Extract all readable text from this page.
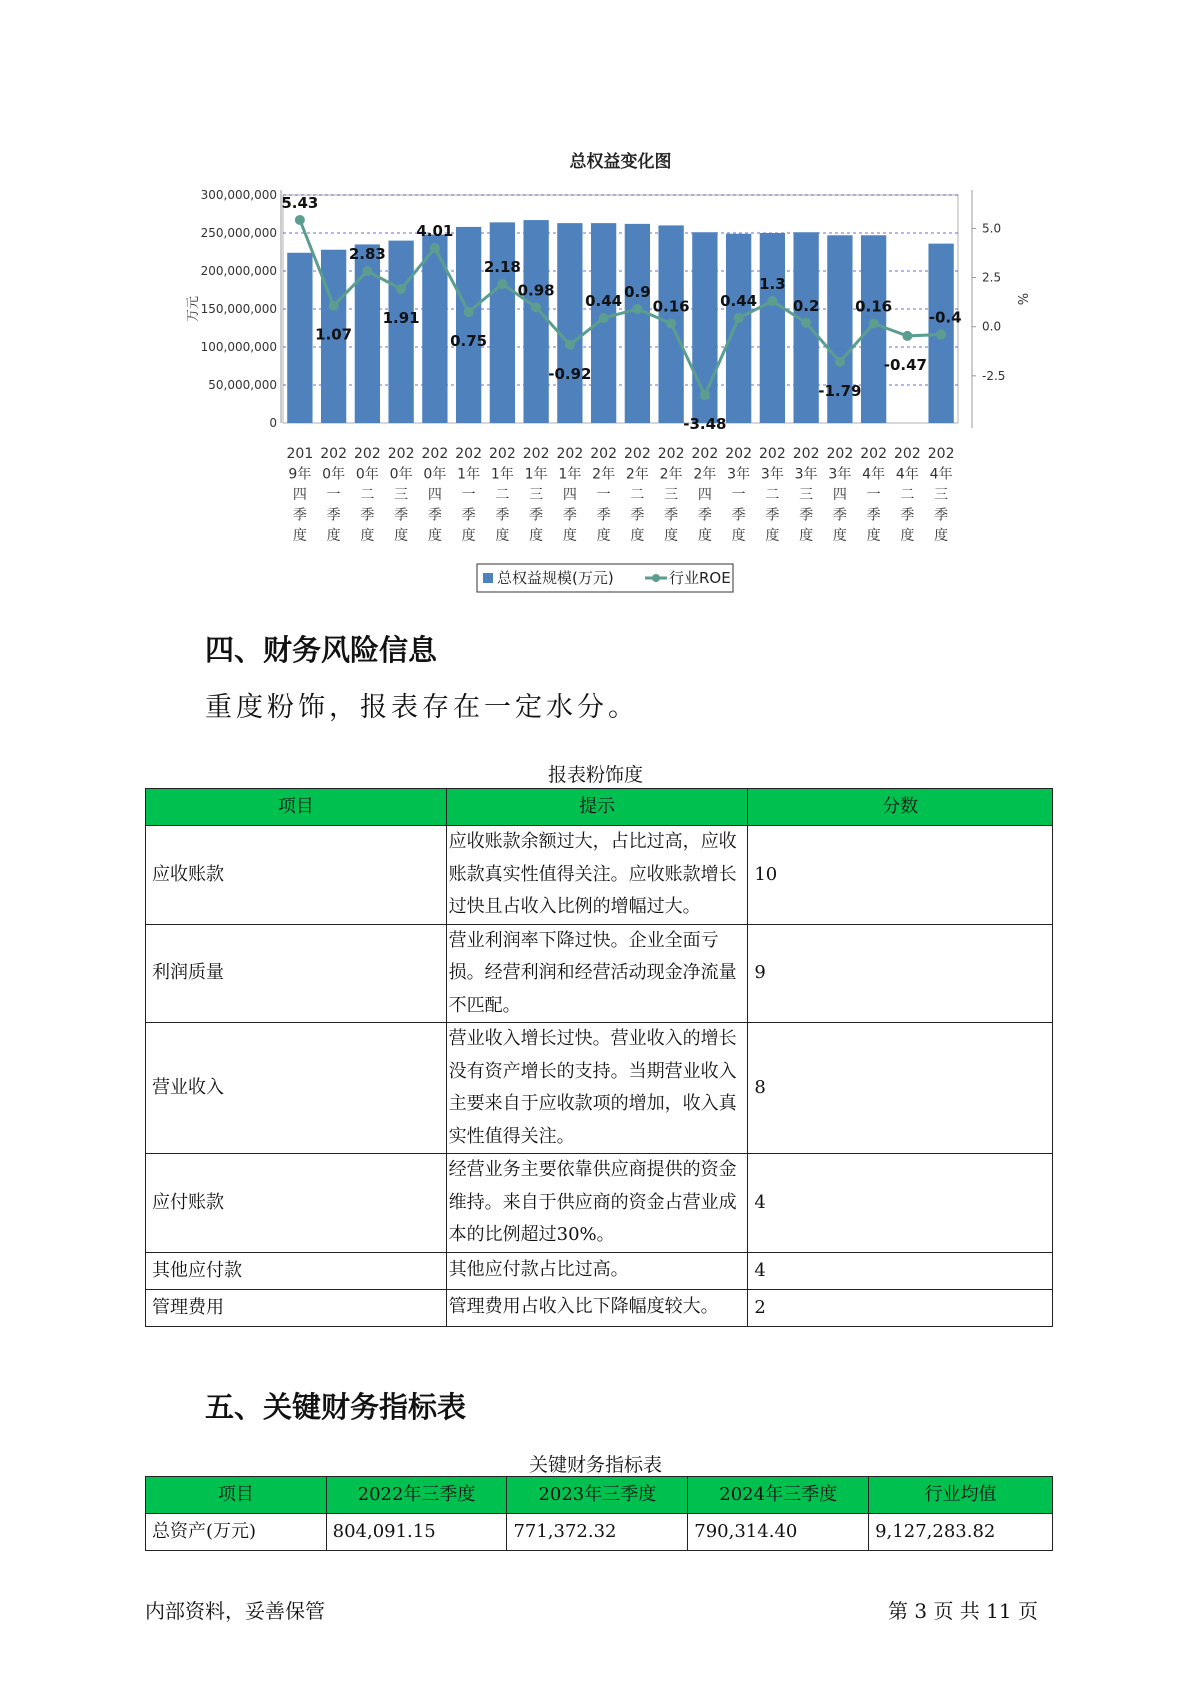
总权益变化图
300,000,000
250,000,000
200,000,000
150,000,000
100,000,000
50,000,000
0
万元
5.0
2.5
0.0
-2.5
%
201
9年
四
季
度
202
0年
一
季
度
202
0年
二
季
度
202
0年
三
季
度
202
0年
四
季
度
202
1年
一
季
度
202
1年
二
季
度
202
1年
三
季
度
202
1年
四
季
度
202
2年
一
季
度
202
2年
二
季
度
202
2年
三
季
度
202
2年
四
季
度
202
3年
一
季
度
202
3年
二
季
度
202
3年
三
季
度
202
3年
四
季
度
202
4年
一
季
度
202
4年
二
季
度
202
4年
三
季
度
5.43
1.07
2.83
1.91
4.01
0.75
2.18
0.98
-0.92
0.44
0.9
0.16
-3.48
0.44
1.3
0.2
-1.79
0.16
-0.47
-0.4
总权益规模(万元)	行业ROE
四、财务风险信息
重度粉饰，报表存在一定水分。
报表粉饰度
项目	提示	分数
应收账款	应收账款余额过大，占比过高，应收账款真实性值得关注。应收账款增长过快且占收入比例的增幅过大。	10
利润质量	营业利润率下降过快。企业全面亏损。经营利润和经营活动现金净流量不匹配。	9
营业收入	营业收入增长过快。营业收入的增长没有资产增长的支持。当期营业收入主要来自于应收款项的增加，收入真实性值得关注。	8
应付账款	经营业务主要依靠供应商提供的资金维持。来自于供应商的资金占营业成本的比例超过30%。	4
其他应付款	其他应付款占比过高。	4
管理费用	管理费用占收入比下降幅度较大。	2
五、关键财务指标表
关键财务指标表
项目	2022年三季度	2023年三季度	2024年三季度	行业均值
总资产(万元)	804,091.15	771,372.32	790,314.40	9,127,283.82
内部资料，妥善保管	第 3 页 共 11 页
